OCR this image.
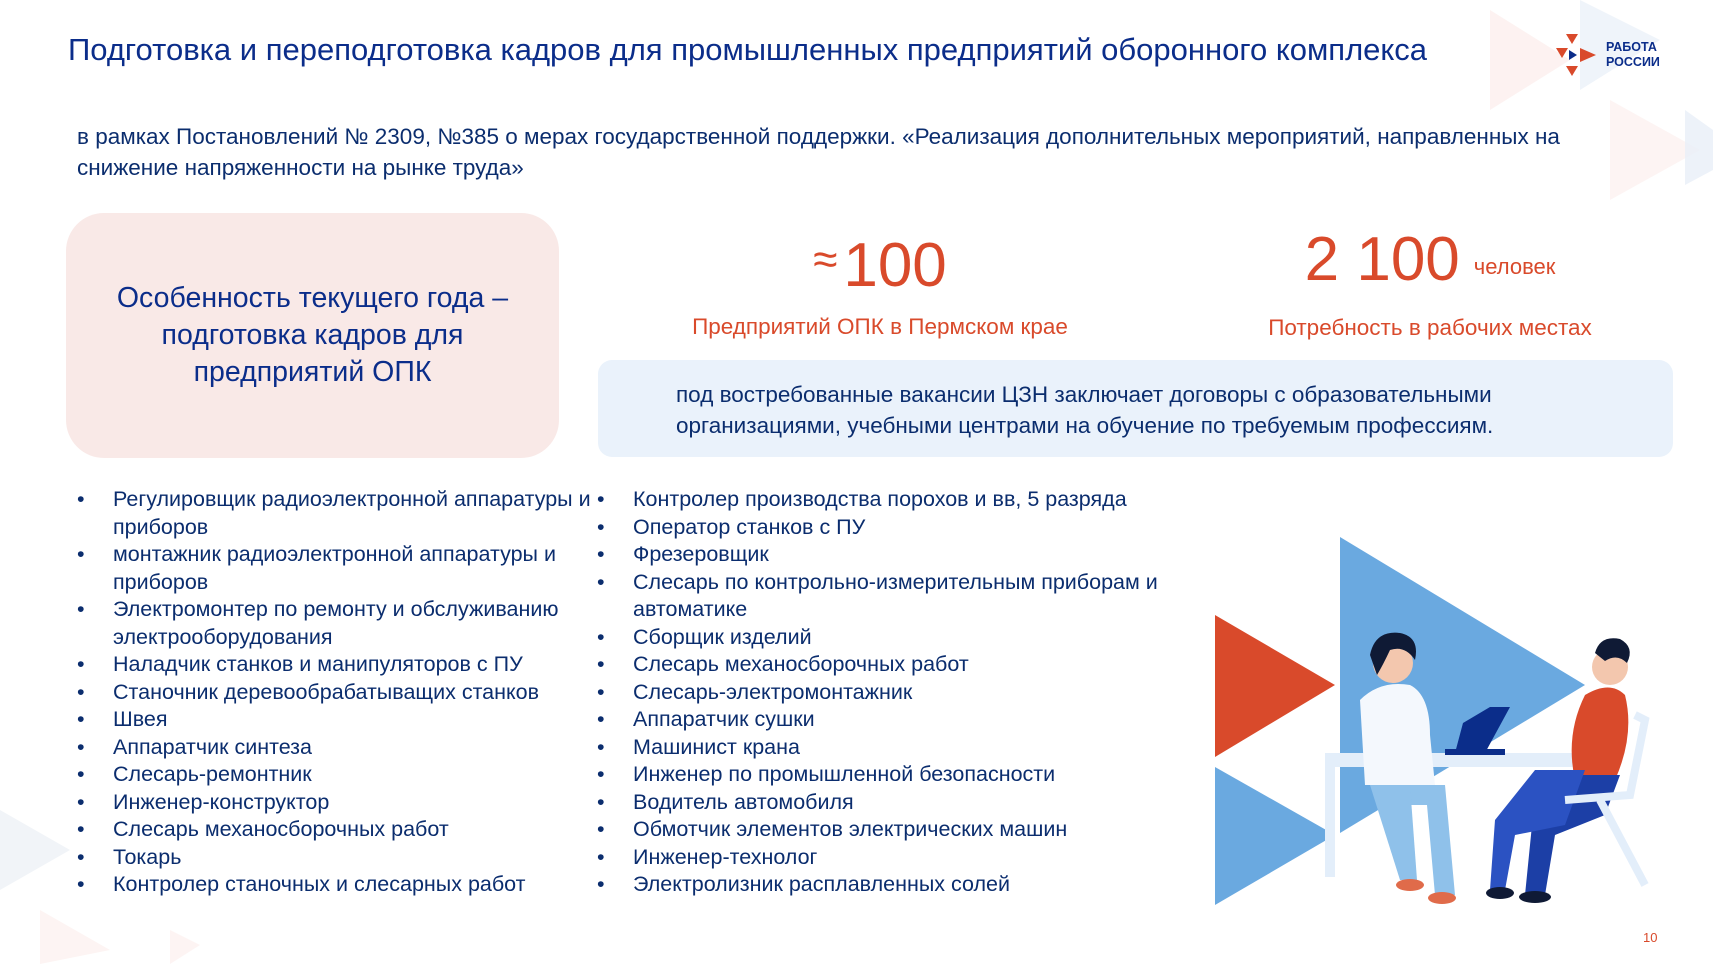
Подготовка и переподготовка кадров для промышленных предприятий оборонного комплекса	РАБОТА
РОССИИ
в рамках Постановлений № 2309, №385 о мерах государственной поддержки. «Реализация дополнительных мероприятий, направленных на снижение напряженности на рынке труда»
Особенность текущего года – подготовка кадров для предприятий ОПК
≈100
Предприятий ОПК в Пермском крае
2 100 человек
Потребность в рабочих местах
под востребованные вакансии ЦЗН заключает договоры с образовательными организациями, учебными центрами на обучение по требуемым профессиям.
• Регулировщик радиоэлектронной аппаратуры и приборов
• монтажник радиоэлектронной аппаратуры и приборов
• Электромонтер по ремонту и обслуживанию электрооборудования
• Наладчик станков и манипуляторов с ПУ
• Станочник деревообрабатыващих станков
• Швея
• Аппаратчик синтеза
• Слесарь-ремонтник
• Инженер-конструктор
• Слесарь механосборочных работ
• Токарь
• Контролер станочных и слесарных работ
• Контролер производства порохов и вв, 5 разряда
• Оператор станков с ПУ
• Фрезеровщик
• Слесарь по контрольно-измерительным приборам и автоматике
• Сборщик изделий
• Слесарь механосборочных работ
• Слесарь-электромонтажник
• Аппаратчик сушки
• Машинист крана
• Инженер по промышленной безопасности
• Водитель автомобиля
• Обмотчик элементов электрических машин
• Инженер-технолог
• Электролизник расплавленных солей
10
